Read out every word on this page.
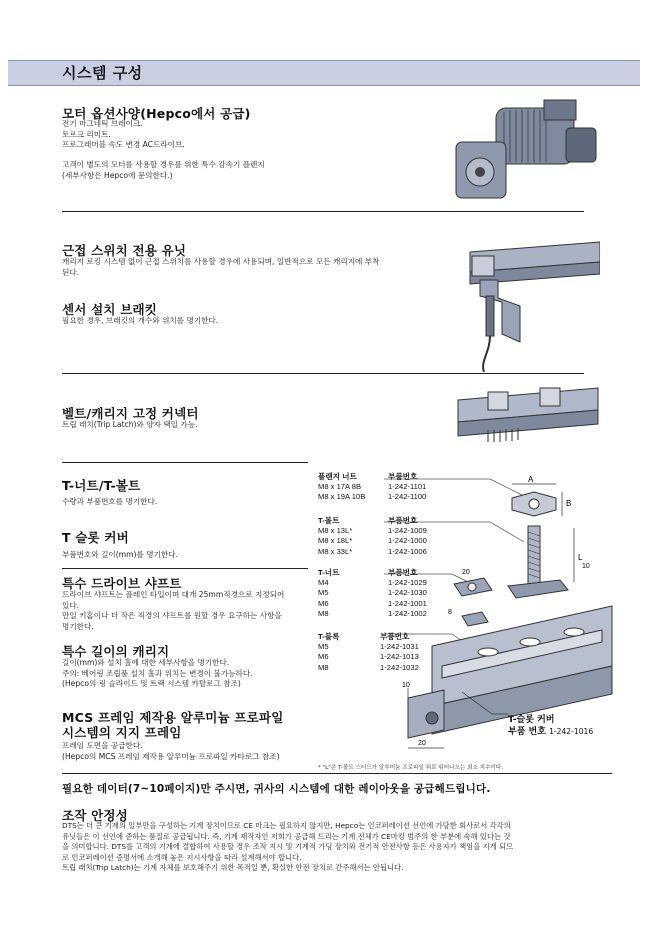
시스템 구성
모터 옵션사양(Hepco에서 공급)
전기 마그네틱 브레이크.
토르크 리미트.
프로그래머블 속도 변경 AC드라이브.
고객이 별도의 모터를 사용할 경우를 위한 특수 감속기 플렌지
(세부사항은 Hepco에 문의한다.)
근접 스위치 전용 유닛
캐리지 로킹 시스템 없이 근접 스위치를 사용할 경우에 사용되며, 일반적으로 모든 캐리지에 부착
된다.
센서 설치 브래킷
필요한 경우, 브래킷의 개수와 위치를 명기한다.
벨트/캐리지 고정 커넥터
트립 래치(Trip Latch)와 양자 택일 가능.
T-너트/T-볼트
수량과 부품번호를 명기한다.
T 슬롯 커버
부품번호와 길이(mm)를 명기한다.
특수 드라이브 샤프트
드라이브 샤프트는 플레인 타입이며 대개 25mm직경으로 지정되어
있다.
만일 키홈이나 더 작은 직경의 샤프트를 원할 경우 요구하는 사항을
명기한다.
특수 길이의 캐리지
길이(mm)와 설치 홀에 대한 세부사항을 명기한다.
주의: 베어링 조립품 설치 홀과 위치는 변경이 불가능하다.
(Hepco의 링 슬라이드 및 트랙 시스템 카탈로그 참조)
MCS 프레임 제작용 알루미늄 프로파일
시스템의 지지 프레임
프레임 도면을 공급한다.
(Hepco의 MCS 프레임 제작용 알루미늄 프로파일 카타로그 참조)
플랜지 너트	부품번호
M8 x 17A 8B	1-242-1101
M8 x 19A 10B	1-242-1100
T-볼트	부품번호
M8 x 13L*	1-242-1009
M8 x 18L*	1-242-1000
M8 x 33L*	1-242-1006
T-너트	부품번호
M4	1-242-1029
M5	1-242-1030
M6	1-242-1001
M8	1-242-1002
T-블록	부품번호
M5	1-242-1031
M6	1-242-1013
M8	1-242-1032
A
B
L
10
20
8
10
20
T-슬롯 커버
부품 번호 1-242-1016
* "L"은 T-볼트 스터드가 알루미늄 프로파일 위로 뛰어나오는 최소 치수이다.
필요한 데이터(7~10페이지)만 주시면, 귀사의 시스템에 대한 레이아웃을 공급해드립니다.
조작 안정성
DTS는 더 큰 기계의 일부만을 구성하는 기계 장치이므로 CE 마크는 필요하지 않지만, Hepco는 인코퍼레이션 선언에 가담한 회사로서 각각의
유닛들은 이 선언에 준하는 품질로 공급됩니다. 즉, 기계 제작자인 저희가 공급해 드리는 기계 전체가 CE마킹 범주의 한 부분에 속해 있다는 것
을 의미합니다. DTS를 고객의 기계에 결합하여 사용할 경우 조작 지시 및 기계적 가딩 장치와 전기적 안전사항 등은 사용자가 책임을 지게 되므
로 인코퍼레이션 증명서에 소개해 놓은 지시사항을 따라 설계해서야 합니다.
트립 래치(Trip Latch)는 기계 자체를 보호해주기 위한 목적일 뿐, 확실한 안전 장치로 간주해서는 안됩니다.
